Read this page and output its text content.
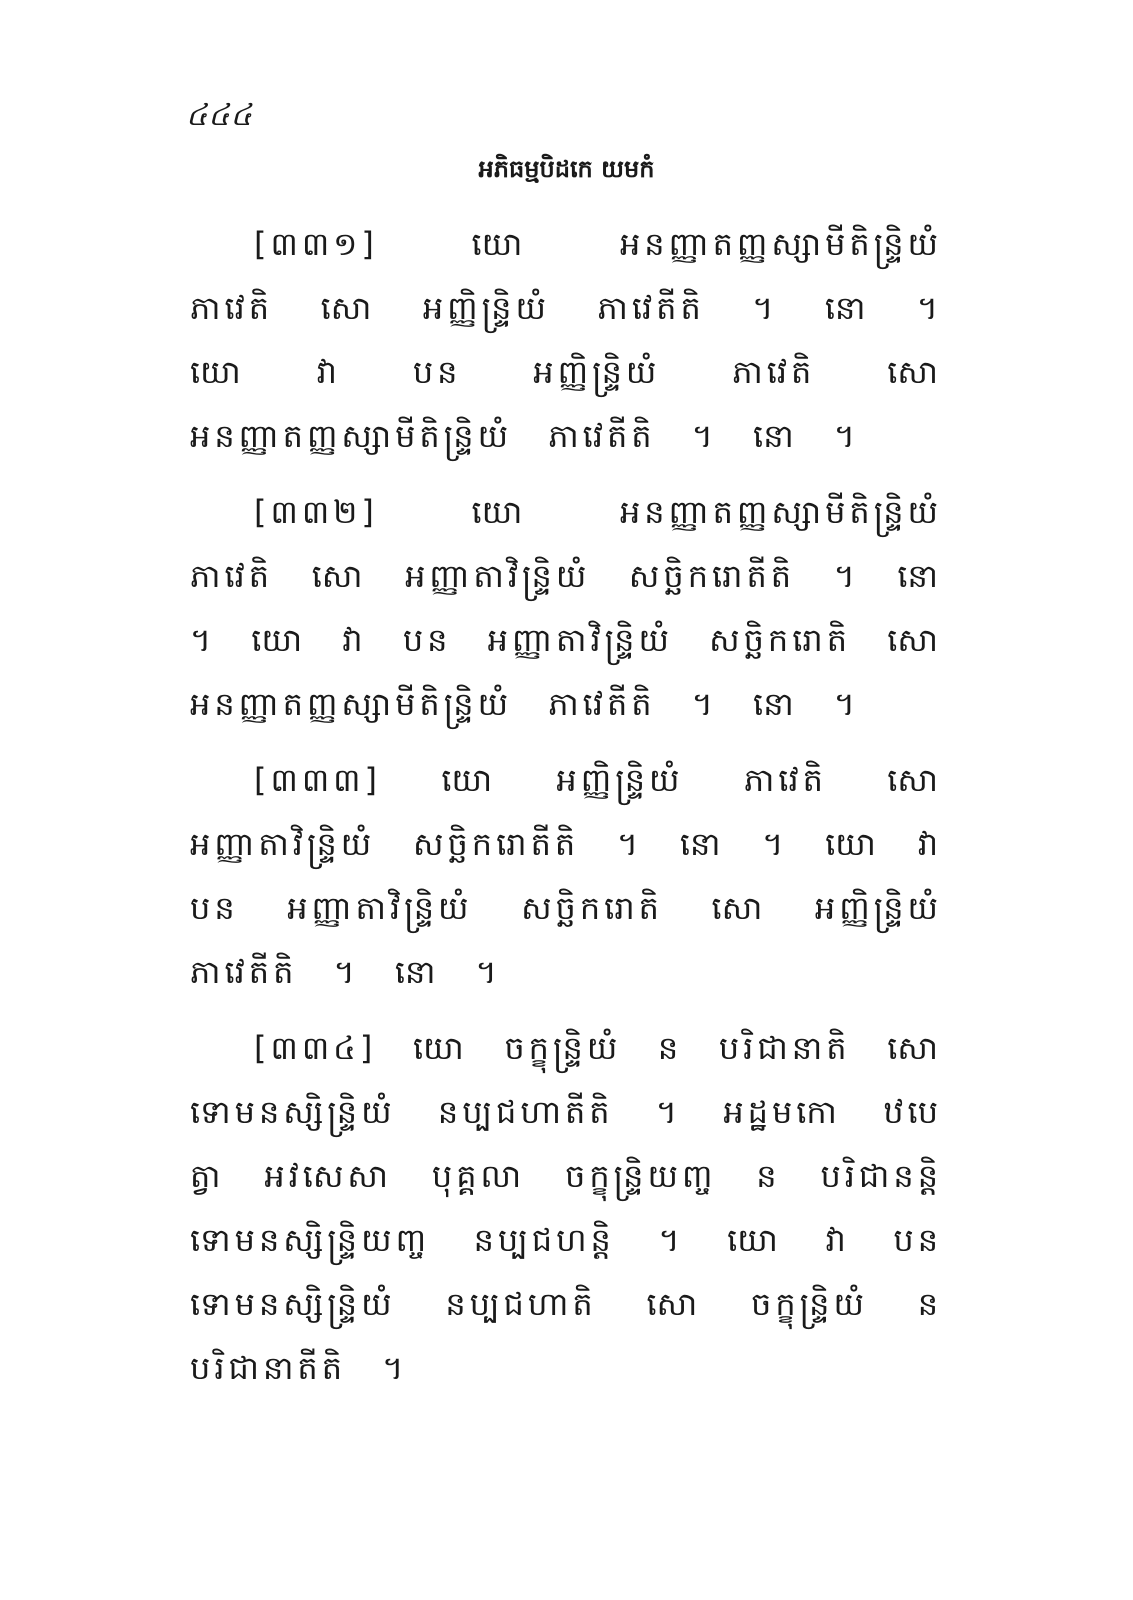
៤៤៤
អភិធម្មបិដកេ យមកំ

[៣៣១] យោ អនញ្ញាតញ្ញស្សាមីតិន្ទ្រិយំ ភាវេតិ សោ អញ្ញិន្ទ្រិយំ ភាវេតីតិ ។ នោ ។ យោ វា បន អញ្ញិន្ទ្រិយំ ភាវេតិ សោ អនញ្ញាតញ្ញស្សាមីតិន្ទ្រិយំ ភាវេតីតិ ។ នោ ។

[៣៣២] យោ អនញ្ញាតញ្ញស្សាមីតិន្ទ្រិយំ ភាវេតិ សោ អញ្ញាតាវិន្ទ្រិយំ សច្ឆិករោតីតិ ។ នោ ។ យោ វា បន អញ្ញាតាវិន្ទ្រិយំ សច្ឆិករោតិ សោ អនញ្ញាតញ្ញស្សាមីតិន្ទ្រិយំ ភាវេតីតិ ។ នោ ។

[៣៣៣] យោ អញ្ញិន្ទ្រិយំ ភាវេតិ សោ អញ្ញាតាវិន្ទ្រិយំ សច្ឆិករោតីតិ ។ នោ ។ យោ វា បន អញ្ញាតាវិន្ទ្រិយំ សច្ឆិករោតិ សោ អញ្ញិន្ទ្រិយំ ភាវេតីតិ ។ នោ ។

[៣៣៤] យោ ចក្ខុន្ទ្រិយំ ន បរិជានាតិ សោ ទោមនស្សិន្ទ្រិយំ នប្បជហាតីតិ ។ អដ្ឋមកោ ឋបេត្វា អវសេសា បុគ្គលា ចក្ខុន្ទ្រិយញ្ច ន បរិជានន្តិ ទោមនស្សិន្ទ្រិយញ្ច នប្បជហន្តិ ។ យោ វា បន ទោមនស្សិន្ទ្រិយំ នប្បជហាតិ សោ ចក្ខុន្ទ្រិយំ ន បរិជានាតីតិ ។
